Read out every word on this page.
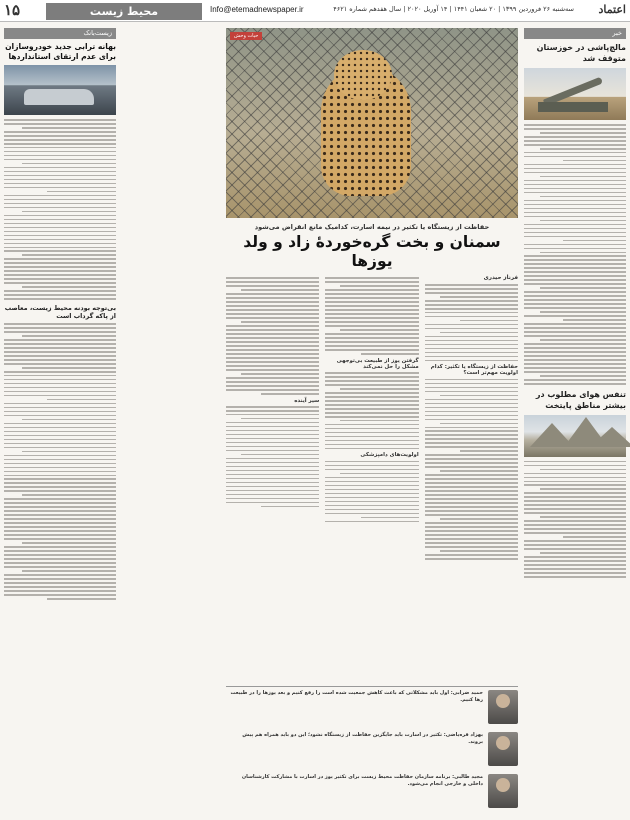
۱۵	محیط زیست	Info@etemadnewspaper.ir	سه‌شنبه ۲۶ فروردین ۱۳۹۹ | ۲۰ شعبان ۱۴۴۱ | ۱۴ آوریل ۲۰۲۰ | سال هفدهم شماره ۴۶۲۱	اعتماد
خبر
مالچ‌پاشی در خوزستان متوقف شد
تنفس هوای مطلوب در بیشتر مناطق پایتخت
حیات وحش
حفاظت از زیستگاه یا تکثیر در نیمه اسارت، کدامیک مانع انقراض می‌شود
سمنان و بخت گره‌خوردهٔ زاد و ولد یوزها
فرناز حیدری
حفاظت از زیستگاه یا تکثیر: کدام اولویت مهم‌تر است؟
گرفتن یوز از طبیعت بی‌توجهی مشکل را حل نمی‌کند
اولویت‌های دامپزشکی
سیر آینده
حمید ضرابی: اول باید مشکلاتی که باعث کاهش جمعیت شده است را رفع کنیم و بعد یوزها را در طبیعت رها کنیم.
بهزاد قره‌یاضی: تکثیر در اسارت باید جایگزین حفاظت از زیستگاه نشود؛ این دو باید همراه هم پیش بروند.
مجید طالبی: برنامه سازمان حفاظت محیط زیست برای تکثیر یوز در اسارت با مشارکت کارشناسان داخلی و خارجی انجام می‌شود.
زیست‌بانک
بهانه ترابی جدید خودروسازان برای عدم ارتقای استانداردها
بی‌توجه بودنه محیط زیست، معاصب از پاکه گرداب است
